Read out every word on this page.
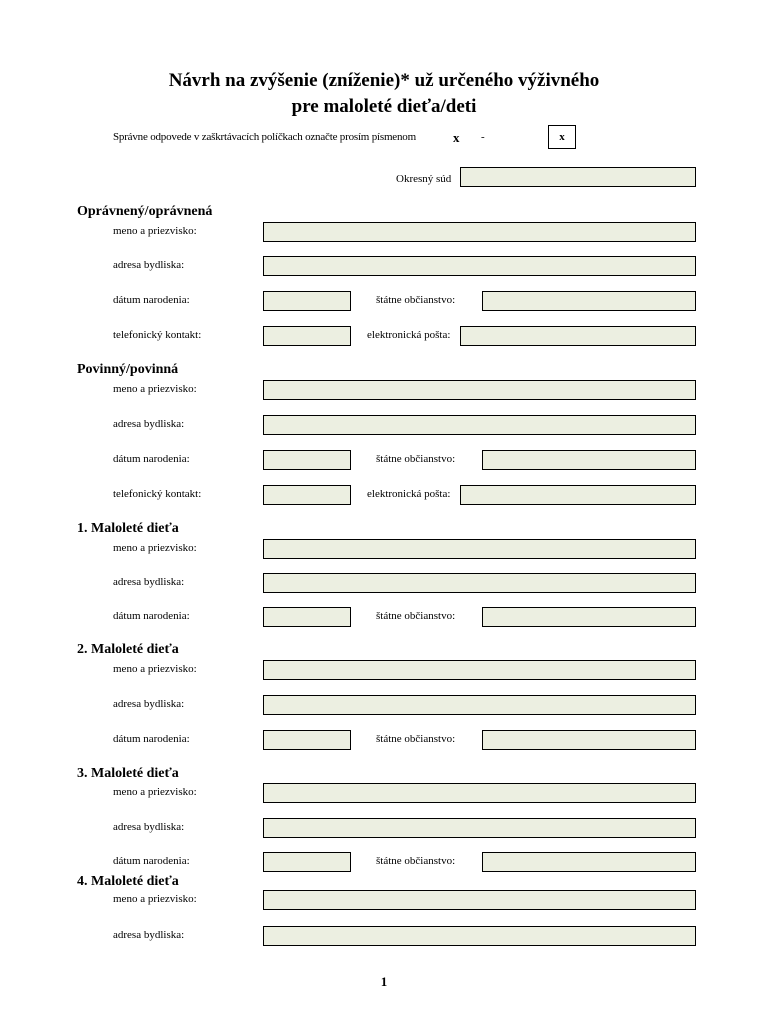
Návrh na zvýšenie (zníženie)* už určeného výživného
pre maloleté dieťa/deti
Správne odpovede v zaškrtávacích políčkach označte prosím písmenom	x -	x
Okresný súd
Oprávnený/oprávnená
meno a priezvisko:
adresa bydliska:
dátum narodenia:	štátne občianstvo:
telefonický kontakt:	elektronická pošta:
Povinný/povinná
meno a priezvisko:
adresa bydliska:
dátum narodenia:	štátne občianstvo:
telefonický kontakt:	elektronická pošta:
1. Maloleté dieťa
meno a priezvisko:
adresa bydliska:
dátum narodenia:	štátne občianstvo:
2. Maloleté dieťa
meno a priezvisko:
adresa bydliska:
dátum narodenia:	štátne občianstvo:
3. Maloleté dieťa
meno a priezvisko:
adresa bydliska:
dátum narodenia:	štátne občianstvo:
4. Maloleté dieťa
meno a priezvisko:
adresa bydliska:
1
